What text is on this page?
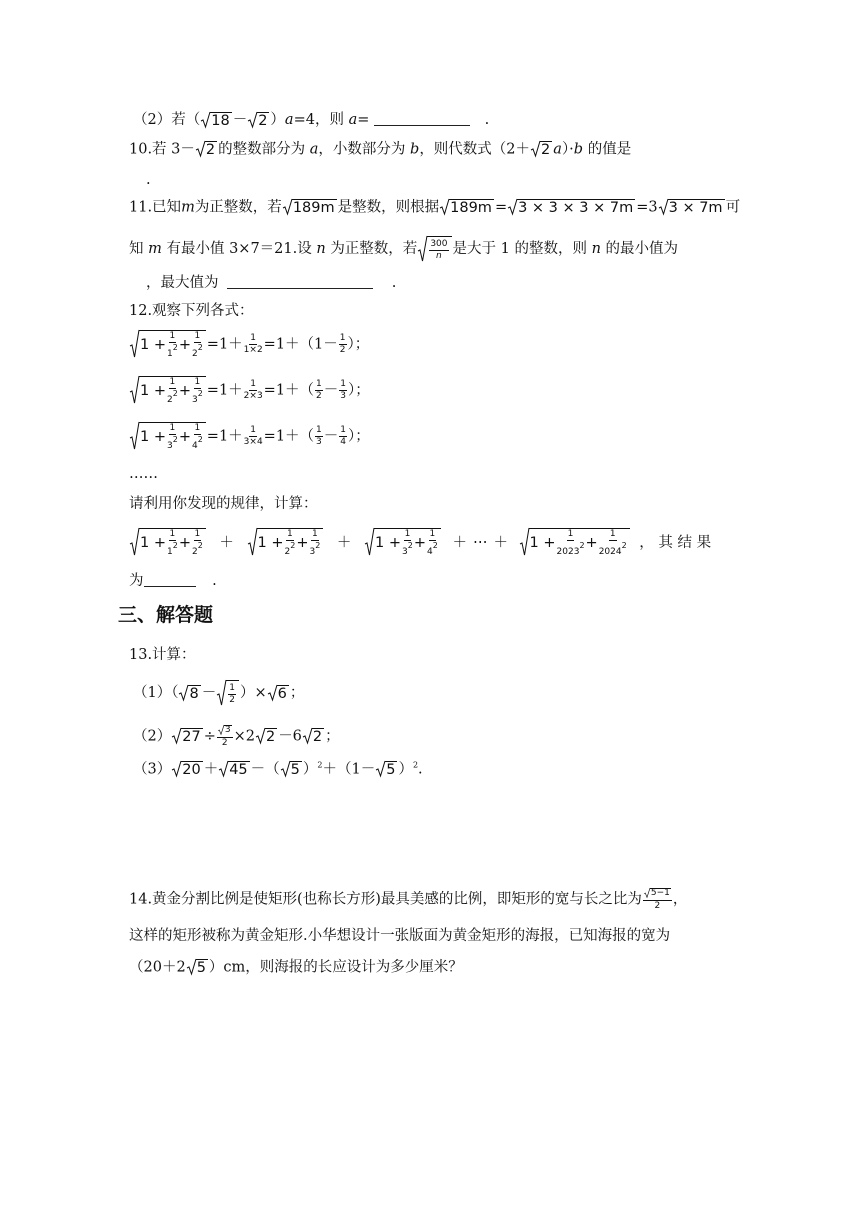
（2）若（ 18 － 2 ）a=4，则 a=	.
10.若 3－ 2 的整数部分为 a，小数部分为 b，则代数式（2＋ 2 a）·b 的值是
.
11.已知m为正整数，若 189m 是整数，则根据 189m = 3 × 3 × 3 × 7m =3 3 × 7m 可
知 m 有最小值 3×7＝21.设 n 为正整数，若 $\frac{300}{n}$ 是大于 1 的整数，则 n 的最小值为
，最大值为	.
12.观察下列各式：
$1 + \frac{1}{12} + \frac{1}{22} =1+ \frac{1}{1\times 2} =1+(1- \frac{1}{2}$ ）；
$1 + \frac{1}{22} + \frac{1}{32} =1+ \frac{1}{2\times 3} =1+( \frac{1}{2} - \frac{1}{3}$ ）；
$1 + \frac{1}{32} + \frac{1}{42} =1+ \frac{1}{3\times 4} =1+( \frac{1}{3} - \frac{1}{4}$ ）；
……
请利用你发现的规律，计算：
$1 + \frac{1}{12} + \frac{1}{22} + 1 + \frac{1}{22} + \frac{1}{32} + 1 + \frac{1}{32} + \frac{1}{42}$ ＋ ⋯ ＋ $1 + \frac{1}{20232} + \frac{1}{20242}$ ， 其 结 果
为	.
三、解答题
13.计算：
（1）（ $8 - \frac{1}{2}$ ）× 6 ；
（2） $27 \div \frac{3}{2} \times 2$ 2 －6 2 ；
（3） 20 ＋ 45 －（ 5 ）$^2$＋（1－ 5 ）$^2$.
14.黄金分割比例是使矩形(也称长方形)最具美感的比例，即矩形的宽与长之比为 $\frac{5-1}{2}$ ，
这样的矩形被称为黄金矩形.小华想设计一张版面为黄金矩形的海报，已知海报的宽为
（20＋2 5 ）cm，则海报的长应设计为多少厘米？
